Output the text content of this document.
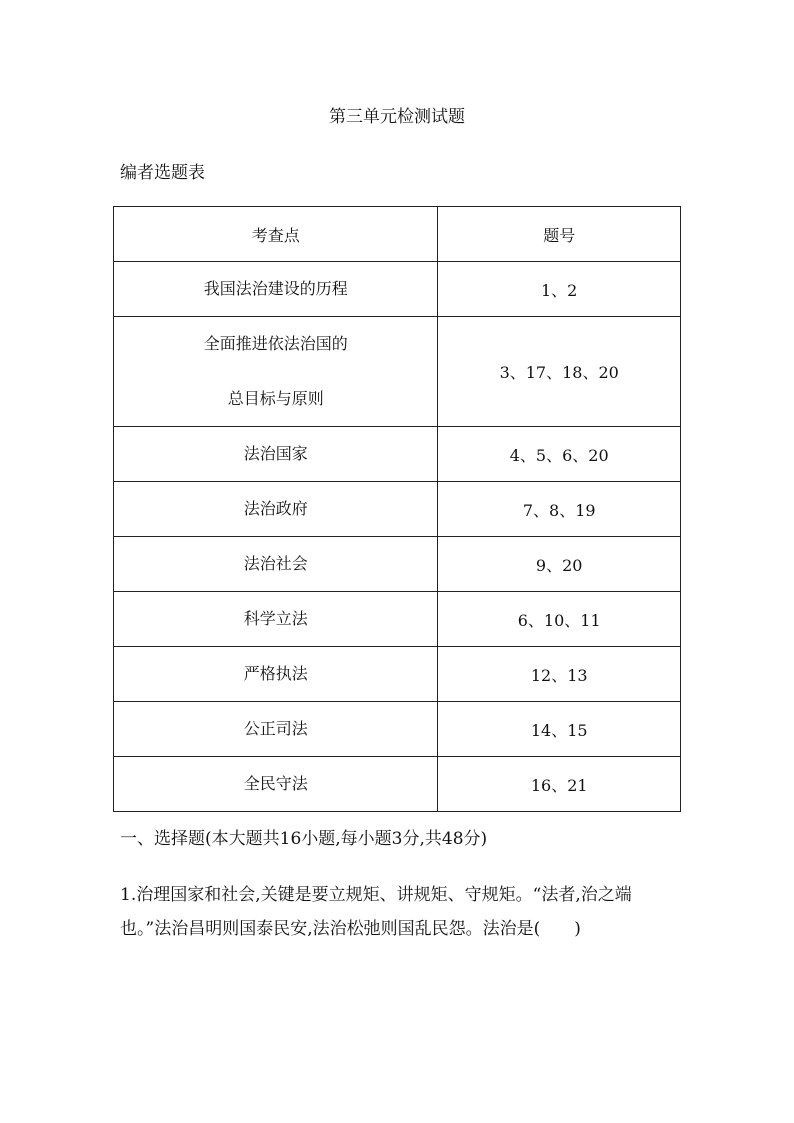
第三单元检测试题
编者选题表
考查点	题号

我国法治建设的历程	1、2

全面推进依法治国的
总目标与原则	3、17、18、20

法治国家	4、5、6、20

法治政府	7、8、19

法治社会	9、20

科学立法	6、10、11

严格执法	12、13

公正司法	14、15

全民守法	16、21
一、选择题(本大题共16小题,每小题3分,共48分)
1.治理国家和社会,关键是要立规矩、讲规矩、守规矩。“法者,治之端也。”法治昌明则国泰民安,法治松弛则国乱民怨。法治是(　　)
